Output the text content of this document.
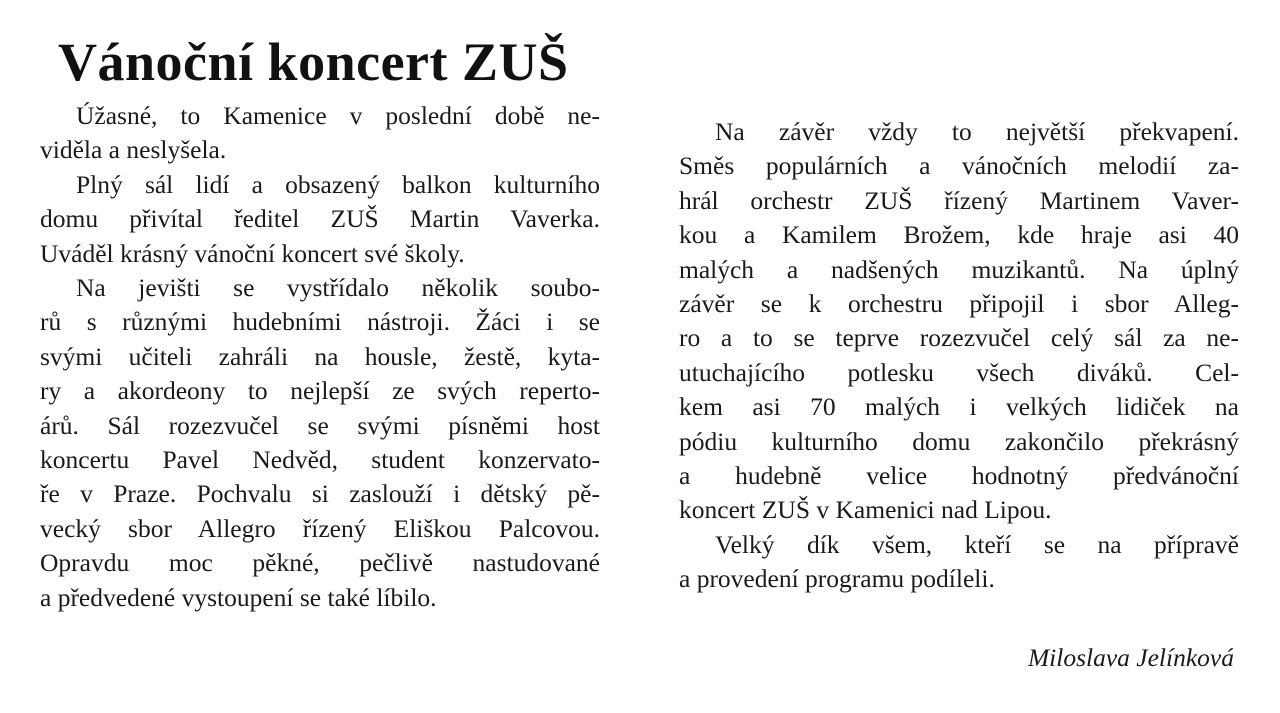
Vánoční koncert ZUŠ
Úžasné, to Kamenice v poslední době ne-
viděla a neslyšela.
Plný sál lidí a obsazený balkon kulturního
domu přivítal ředitel ZUŠ Martin Vaverka.
Uváděl krásný vánoční koncert své školy.
Na jevišti se vystřídalo několik soubo-
rů s různými hudebními nástroji. Žáci i se
svými učiteli zahráli na housle, žestě, kyta-
ry a akordeony to nejlepší ze svých reperto-
árů. Sál rozezvučel se svými písněmi host
koncertu Pavel Nedvěd, student konzervato-
ře v Praze. Pochvalu si zaslouží i dětský pě-
vecký sbor Allegro řízený Eliškou Palcovou.
Opravdu moc pěkné, pečlivě nastudované
a předvedené vystoupení se také líbilo.
Na závěr vždy to největší překvapení.
Směs populárních a vánočních melodií za-
hrál orchestr ZUŠ řízený Martinem Vaver-
kou a Kamilem Brožem, kde hraje asi 40
malých a nadšených muzikantů. Na úplný
závěr se k orchestru připojil i sbor Alleg-
ro a to se teprve rozezvučel celý sál za ne-
utuchajícího potlesku všech diváků. Cel-
kem asi 70 malých i velkých lidiček na
pódiu kulturního domu zakončilo překrásný
a hudebně velice hodnotný předvánoční
koncert ZUŠ v Kamenici nad Lipou.
Velký dík všem, kteří se na přípravě
a provedení programu podíleli.
Miloslava Jelínková
